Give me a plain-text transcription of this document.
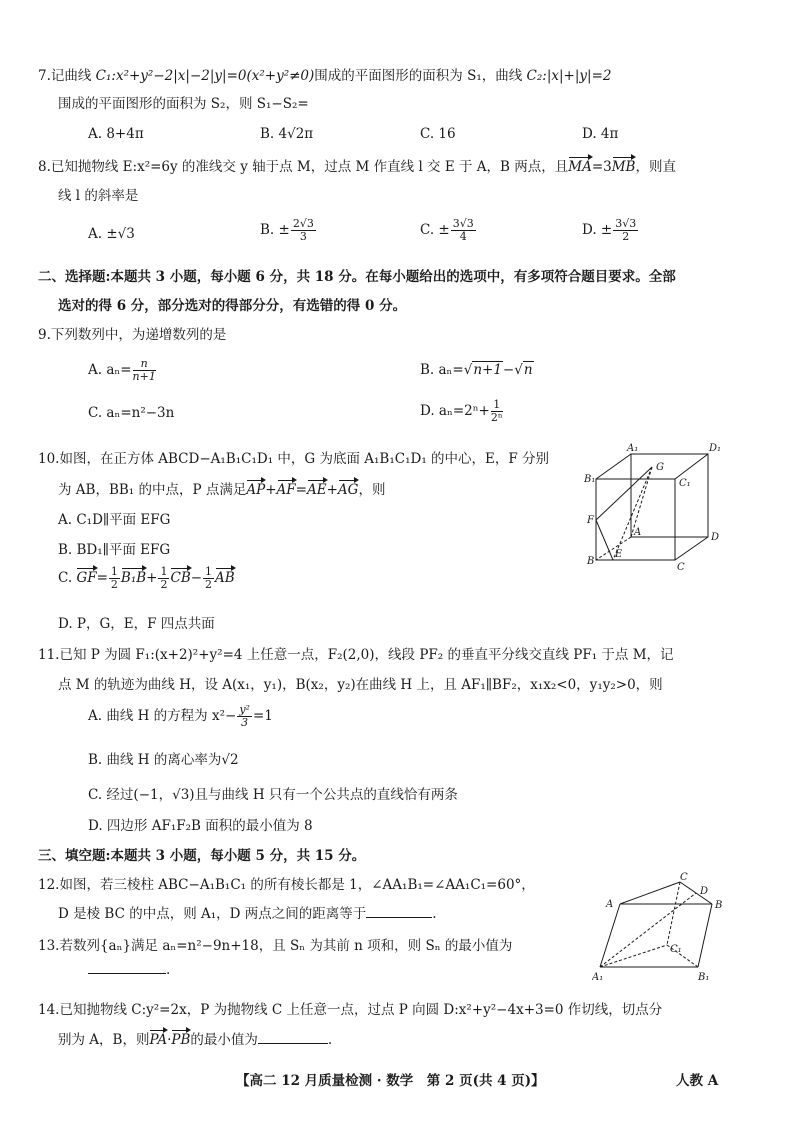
7.记曲线 C₁:x²+y²−2|x|−2|y|=0(x²+y²≠0)围成的平面图形的面积为 S₁，曲线 C₂:|x|+|y|=2
围成的平面图形的面积为 S₂，则 S₁−S₂=
A. 8+4π	B. 4√2π	C. 16	D. 4π
8.已知抛物线 E:x²=6y 的准线交 y 轴于点 M，过点 M 作直线 l 交 E 于 A，B 两点，且MA=3MB，则直
线 l 的斜率是
A. ±√3	B. ± $\frac{2√3}{3}$	C. ± $\frac{3√3}{4}$	D. ± $\frac{3√3}{2}$
二、选择题:本题共 3 小题，每小题 6 分，共 18 分。在每小题给出的选项中，有多项符合题目要求。全部
选对的得 6 分，部分选对的得部分分，有选错的得 0 分。
9.下列数列中，为递增数列的是
A. $a_n= \frac{n}{n+1}$	B. aₙ=√n+1−√n
C. aₙ=n²−3n	D. $a_n=2^n+ \frac{1}{\text{2ⁿ}}$
10.如图，在正方体 ABCD−A₁B₁C₁D₁ 中，G 为底面 A₁B₁C₁D₁ 的中心，E，F 分别
为 AB，BB₁ 的中点，P 点满足AP+AF=AE+AG，则
A. C₁D∥平面 EFG
B. BD₁∥平面 EFG
C. $GF= \frac{1}{2} B_1B+ \frac{1}{2} CB- \frac{1}{2}$ AB
D. P，G，E，F 四点共面
A₁	D₁
B₁	C₁
G
F
A	D
B
E
C
11.已知 P 为圆 F₁:(x+2)²+y²=4 上任意一点，F₂(2,0)，线段 PF₂ 的垂直平分线交直线 PF₁ 于点 M，记
点 M 的轨迹为曲线 H，设 A(x₁，y₁)，B(x₂，y₂)在曲线 H 上，且 AF₁∥BF₂，x₁x₂<0，y₁y₂>0，则
A. 曲线 H 的方程为 $x^2- \frac{\text{y²}}{3} =1$
B. 曲线 H 的离心率为√2
C. 经过(−1，√3)且与曲线 H 只有一个公共点的直线恰有两条
D. 四边形 AF₁F₂B 面积的最小值为 8
三、填空题:本题共 3 小题，每小题 5 分，共 15 分。
12.如图，若三棱柱 ABC−A₁B₁C₁ 的所有棱长都是 1，∠AA₁B₁=∠AA₁C₁=60°，
D 是棱 BC 的中点，则 A₁，D 两点之间的距离等于	.
13.若数列{aₙ}满足 aₙ=n²−9n+18，且 Sₙ 为其前 n 项和，则 Sₙ 的最小值为
.
C
D
A	B
C₁
A₁	B₁
14.已知抛物线 C:y²=2x，P 为抛物线 C 上任意一点，过点 P 向圆 D:x²+y²−4x+3=0 作切线，切点分
别为 A，B，则PA·PB的最小值为	.
【高二 12 月质量检测 · 数学　第 2 页(共 4 页)】	人教 A
